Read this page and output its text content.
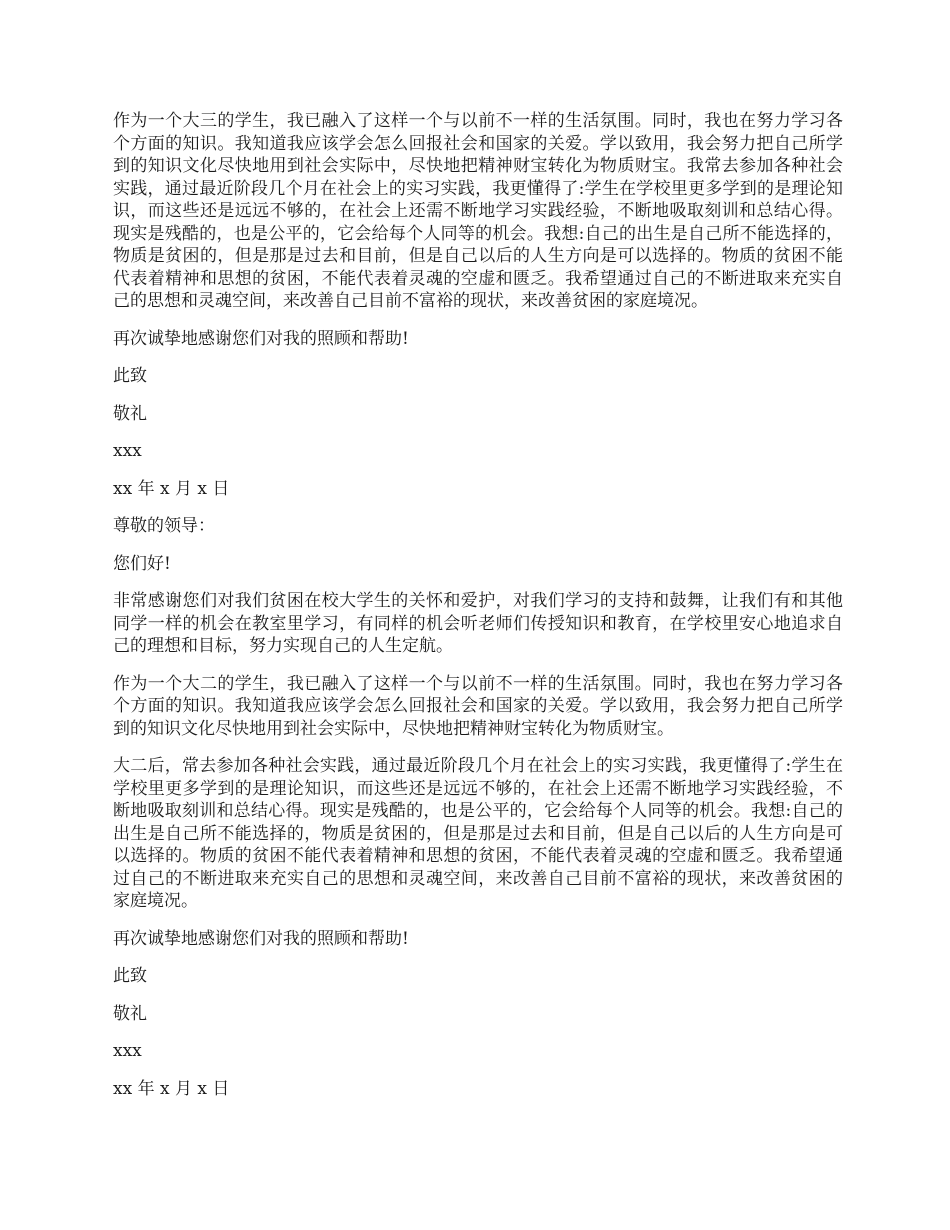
作为一个大三的学生，我已融入了这样一个与以前不一样的生活氛围。同时，我也在努力学习各个方面的知识。我知道我应该学会怎么回报社会和国家的关爱。学以致用，我会努力把自己所学到的知识文化尽快地用到社会实际中，尽快地把精神财宝转化为物质财宝。我常去参加各种社会实践，通过最近阶段几个月在社会上的实习实践，我更懂得了:学生在学校里更多学到的是理论知识，而这些还是远远不够的，在社会上还需不断地学习实践经验，不断地吸取刻训和总结心得。现实是残酷的，也是公平的，它会给每个人同等的机会。我想:自己的出生是自己所不能选择的，物质是贫困的，但是那是过去和目前，但是自己以后的人生方向是可以选择的。物质的贫困不能代表着精神和思想的贫困，不能代表着灵魂的空虚和匮乏。我希望通过自己的不断进取来充实自己的思想和灵魂空间，来改善自己目前不富裕的现状，来改善贫困的家庭境况。

再次诚挚地感谢您们对我的照顾和帮助!

此致

敬礼

xxx

xx 年 x 月 x 日

尊敬的领导：

您们好!

非常感谢您们对我们贫困在校大学生的关怀和爱护，对我们学习的支持和鼓舞，让我们有和其他同学一样的机会在教室里学习，有同样的机会听老师们传授知识和教育，在学校里安心地追求自己的理想和目标，努力实现自己的人生定航。

作为一个大二的学生，我已融入了这样一个与以前不一样的生活氛围。同时，我也在努力学习各个方面的知识。我知道我应该学会怎么回报社会和国家的关爱。学以致用，我会努力把自己所学到的知识文化尽快地用到社会实际中，尽快地把精神财宝转化为物质财宝。

大二后，常去参加各种社会实践，通过最近阶段几个月在社会上的实习实践，我更懂得了:学生在学校里更多学到的是理论知识，而这些还是远远不够的，在社会上还需不断地学习实践经验，不断地吸取刻训和总结心得。现实是残酷的，也是公平的，它会给每个人同等的机会。我想:自己的出生是自己所不能选择的，物质是贫困的，但是那是过去和目前，但是自己以后的人生方向是可以选择的。物质的贫困不能代表着精神和思想的贫困，不能代表着灵魂的空虚和匮乏。我希望通过自己的不断进取来充实自己的思想和灵魂空间，来改善自己目前不富裕的现状，来改善贫困的家庭境况。

再次诚挚地感谢您们对我的照顾和帮助!

此致

敬礼

xxx

xx 年 x 月 x 日
